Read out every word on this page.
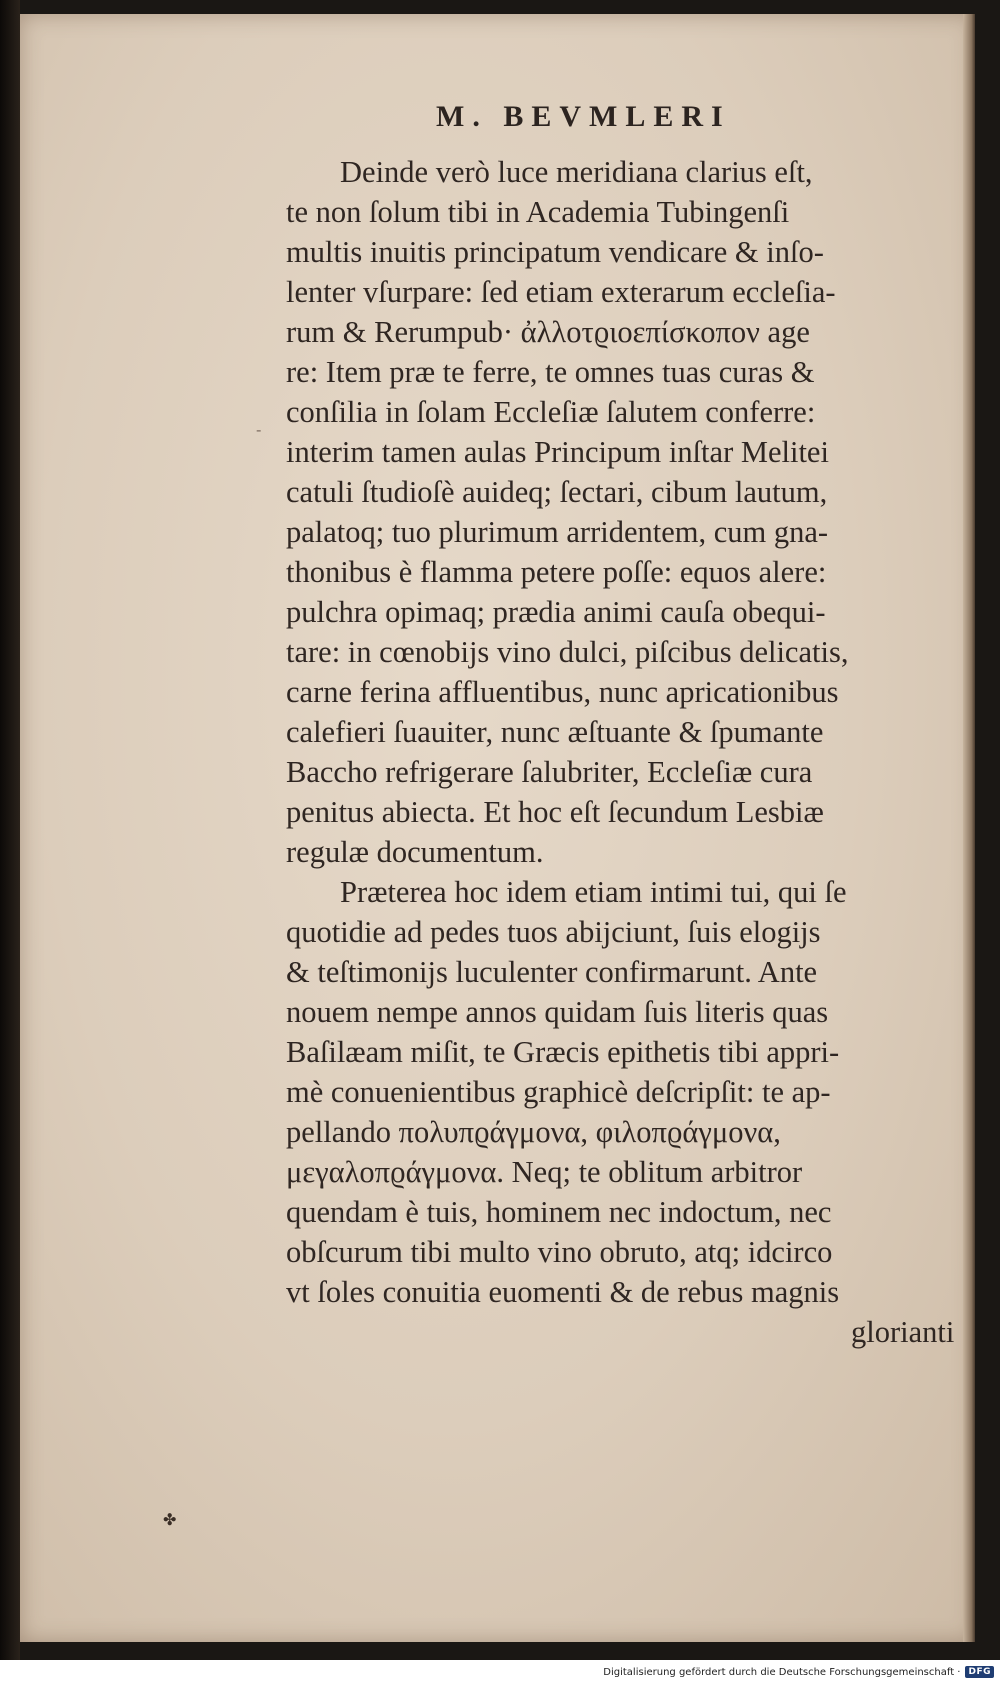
M. BEVMLERI
Deinde verò luce meridiana clarius eſt,
te non ſolum tibi in Academia Tubingenſi
multis inuitis principatum vendicare & inſo-
lenter vſurpare: ſed etiam exterarum eccleſia-
rum & Rerumpub· ἀλλοτϱιοεπίσκοπον age
re: Item præ te ferre, te omnes tuas curas &
conſilia in ſolam Eccleſiæ ſalutem conferre:
interim tamen aulas Principum inſtar Melitei
catuli ſtudioſè auideq; ſectari, cibum lautum,
palatoq; tuo plurimum arridentem, cum gna-
thonibus è flamma petere poſſe: equos alere:
pulchra opimaq; prædia animi cauſa obequi-
tare: in cœnobijs vino dulci, piſcibus delicatis,
carne ferina affluentibus, nunc apricationibus
calefieri ſuauiter, nunc æſtuante & ſpumante
Baccho refrigerare ſalubriter, Eccleſiæ cura
penitus abiecta. Et hoc eſt ſecundum Lesbiæ
regulæ documentum.
Præterea hoc idem etiam intimi tui, qui ſe
quotidie ad pedes tuos abijciunt, ſuis elogijs
& teſtimonijs luculenter confirmarunt. Ante
nouem nempe annos quidam ſuis literis quas
Baſilæam miſit, te Græcis epithetis tibi appri-
mè conuenientibus graphicè deſcripſit: te ap-
pellando πολυπϱάγμονα, φιλοπϱάγμονα,
μεγαλοπϱάγμονα. Neq; te oblitum arbitror
quendam è tuis, hominem nec indoctum, nec
obſcurum tibi multo vino obruto, atq; idcirco
vt ſoles conuitia euomenti & de rebus magnis
glorianti
-
✤
Digitalisierung gefördert durch die Deutsche Forschungsgemeinschaft · DFG
